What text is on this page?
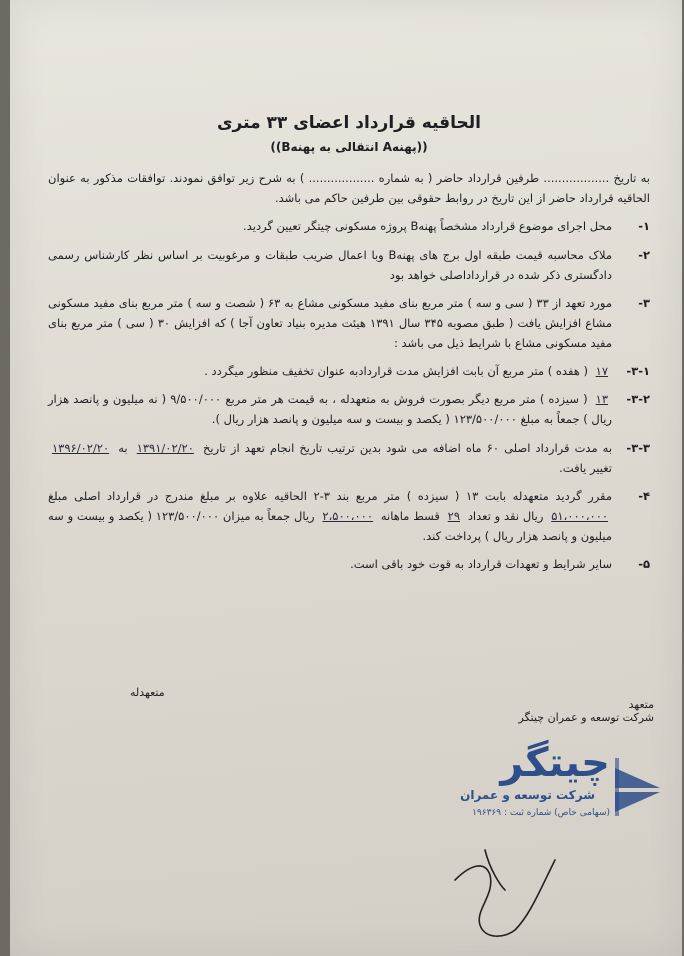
الحاقیه قرارداد اعضای ۳۳ متری

((پهنهA انتقالی به پهنهB))

به تاریخ .................. طرفین قرارداد حاضر ( به شماره .................. ) به شرح زیر توافق نمودند. توافقات مذکور به عنوان الحاقیه قرارداد حاضر از این تاریخ در روابط حقوقی بین طرفین حاکم می باشد.

۱-
محل اجرای موضوع قرارداد مشخصاً پهنهB پروژه مسکونی چیتگر تعیین گردید.
۲-
ملاک محاسبه قیمت طبقه اول برج های پهنهB وبا اعمال ضریب طبقات و مرغوبیت بر اساس نظر کارشناس رسمی دادگستری ذکر شده در قرارداداصلی خواهد بود
۳-
مورد تعهد از ۳۳ ( سی و سه ) متر مربع بنای مفید مسکونی مشاع به ۶۳ ( شصت و سه ) متر مربع بنای مفید مسکونی مشاع افزایش یافت ( طبق مصوبه ۳۴۵ سال ۱۳۹۱ هیئت مدیره بنیاد تعاون آجا ) که افزایش ۳۰ ( سی ) متر مربع بنای مفید مسکونی مشاع با شرایط ذیل می باشد :
۳-۱-
۱۷ ( هفده ) متر مربع آن بابت افزایش مدت قراردادبه عنوان تخفیف منظور میگردد .
۳-۲-
۱۳ ( سیزده ) متر مربع دیگر بصورت فروش به متعهدله ، به قیمت هر متر مربع ۹/۵۰۰/۰۰۰ ( نه میلیون و پانصد هزار ریال ) جمعاً به مبلغ ۱۲۳/۵۰۰/۰۰۰ ( یکصد و بیست و سه میلیون و پانصد هزار ریال ).
۳-۳-
به مدت قرارداد اصلی ۶۰ ماه اضافه می شود بدین ترتیب تاریخ انجام تعهد از تاریخ ۱۳۹۱/۰۲/۲۰ به ۱۳۹۶/۰۲/۲۰ تغییر یافت.
۴-
مقرر گردید متعهدله بابت ۱۳ ( سیزده ) متر مربع بند ۳-۲ الحاقیه علاوه بر مبلغ مندرج در قرارداد اصلی مبلغ ۵۱،۰۰۰،۰۰۰ ریال نقد و تعداد ۲۹ قسط ماهانه ۲،۵۰۰،۰۰۰ ریال جمعاً به میزان ۱۲۳/۵۰۰/۰۰۰ ( یکصد و بیست و سه میلیون و پانصد هزار ریال ) پرداخت کند.
۵-
سایر شرایط و تعهدات قرارداد به قوت خود باقی است.
متعهدله
متعهد
شرکت توسعه و عمران چیتگر
چیتگر
شرکت توسعه و عمران
(سهامی خاص) شماره ثبت : ۱۹۶۳۶۹
